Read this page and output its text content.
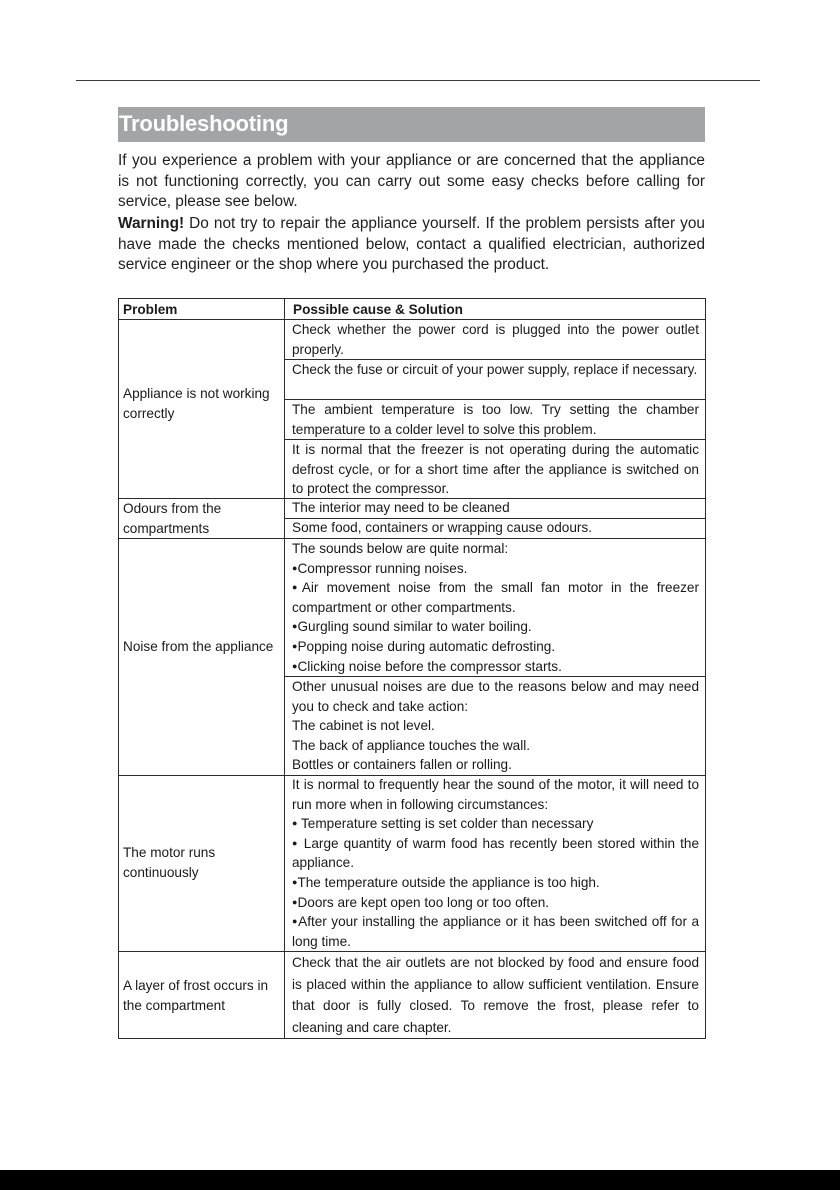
Troubleshooting
If you experience a problem with your appliance or are concerned that the appliance is not functioning correctly, you can carry out some easy checks before calling for service, please see below.
Warning! Do not try to repair the appliance yourself. If the problem persists after you have made the checks mentioned below, contact a qualified electrician, authorized service engineer or the shop where you purchased the product.
Problem	Possible cause & Solution
Appliance is not working correctly
Check whether the power cord is plugged into the power outlet properly.
Check the fuse or circuit of your power supply, replace if necessary.
The ambient temperature is too low. Try setting the chamber temperature to a colder level to solve this problem.
It is normal that the freezer is not operating during the automatic defrost cycle, or for a short time after the appliance is switched on to protect the compressor.
Odours from the compartments
The interior may need to be cleaned
Some food, containers or wrapping cause odours.
Noise from the appliance
The sounds below are quite normal:
●Compressor running noises.
●Air movement noise from the small fan motor in the freezer compartment or other compartments.
●Gurgling sound similar to water boiling.
●Popping noise during automatic defrosting.
●Clicking noise before the compressor starts.
Other unusual noises are due to the reasons below and may need you to check and take action:
The cabinet is not level.
The back of appliance touches the wall.
Bottles or containers fallen or rolling.
The motor runs continuously
It is normal to frequently hear the sound of the motor, it will need to run more when in following circumstances:
● Temperature setting is set colder than necessary
● Large quantity of warm food has recently been stored within the appliance.
●The temperature outside the appliance is too high.
●Doors are kept open too long or too often.
●After your installing the appliance or it has been switched off for a long time.
A layer of frost occurs in the compartment
Check that the air outlets are not blocked by food and ensure food is placed within the appliance to allow sufficient ventilation. Ensure that door is fully closed. To remove the frost, please refer to cleaning and care chapter.
